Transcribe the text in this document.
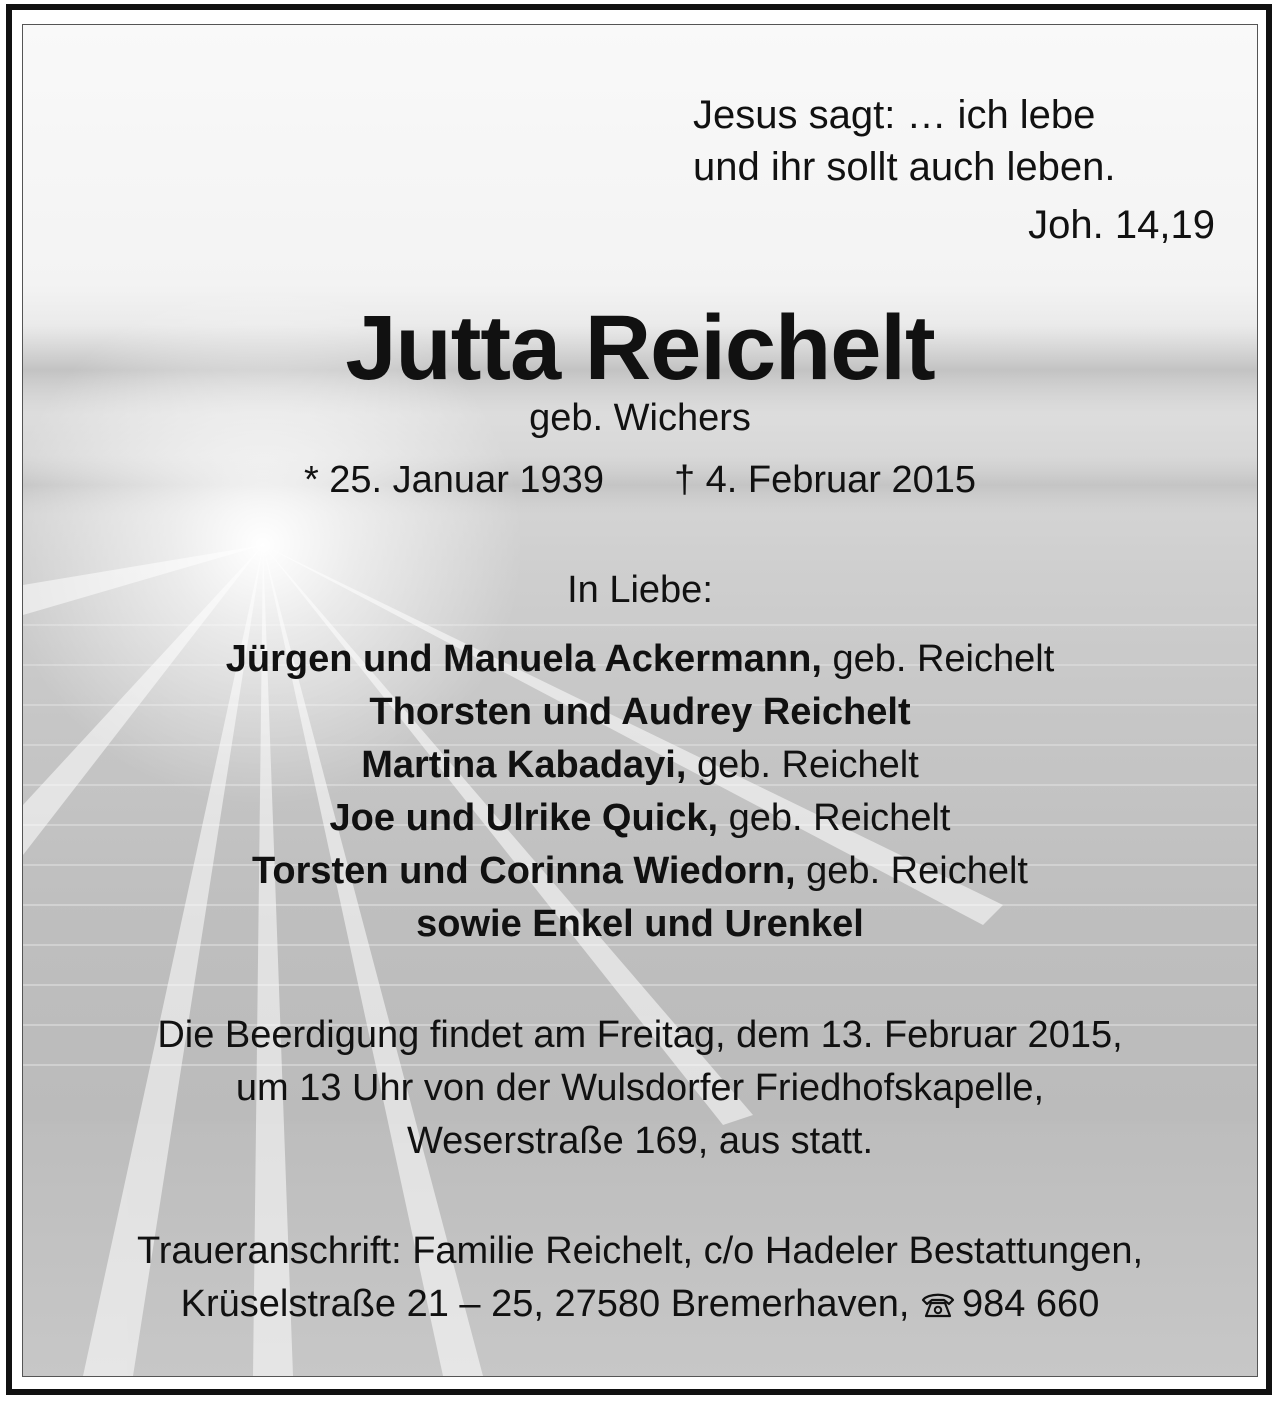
Jesus sagt: … ich lebe
und ihr sollt auch leben.
Joh. 14,19
Jutta Reichelt
geb. Wichers
* 25. Januar 1939 † 4. Februar 2015
In Liebe:
Jürgen und Manuela Ackermann, geb. Reichelt
Thorsten und Audrey Reichelt
Martina Kabadayi, geb. Reichelt
Joe und Ulrike Quick, geb. Reichelt
Torsten und Corinna Wiedorn, geb. Reichelt
sowie Enkel und Urenkel
Die Beerdigung findet am Freitag, dem 13. Februar 2015,
um 13 Uhr von der Wulsdorfer Friedhofskapelle,
Weserstraße 169, aus statt.
Traueranschrift: Familie Reichelt, c/o Hadeler Bestattungen,
Krüselstraße 21 – 25, 27580 Bremerhaven, 984 660
